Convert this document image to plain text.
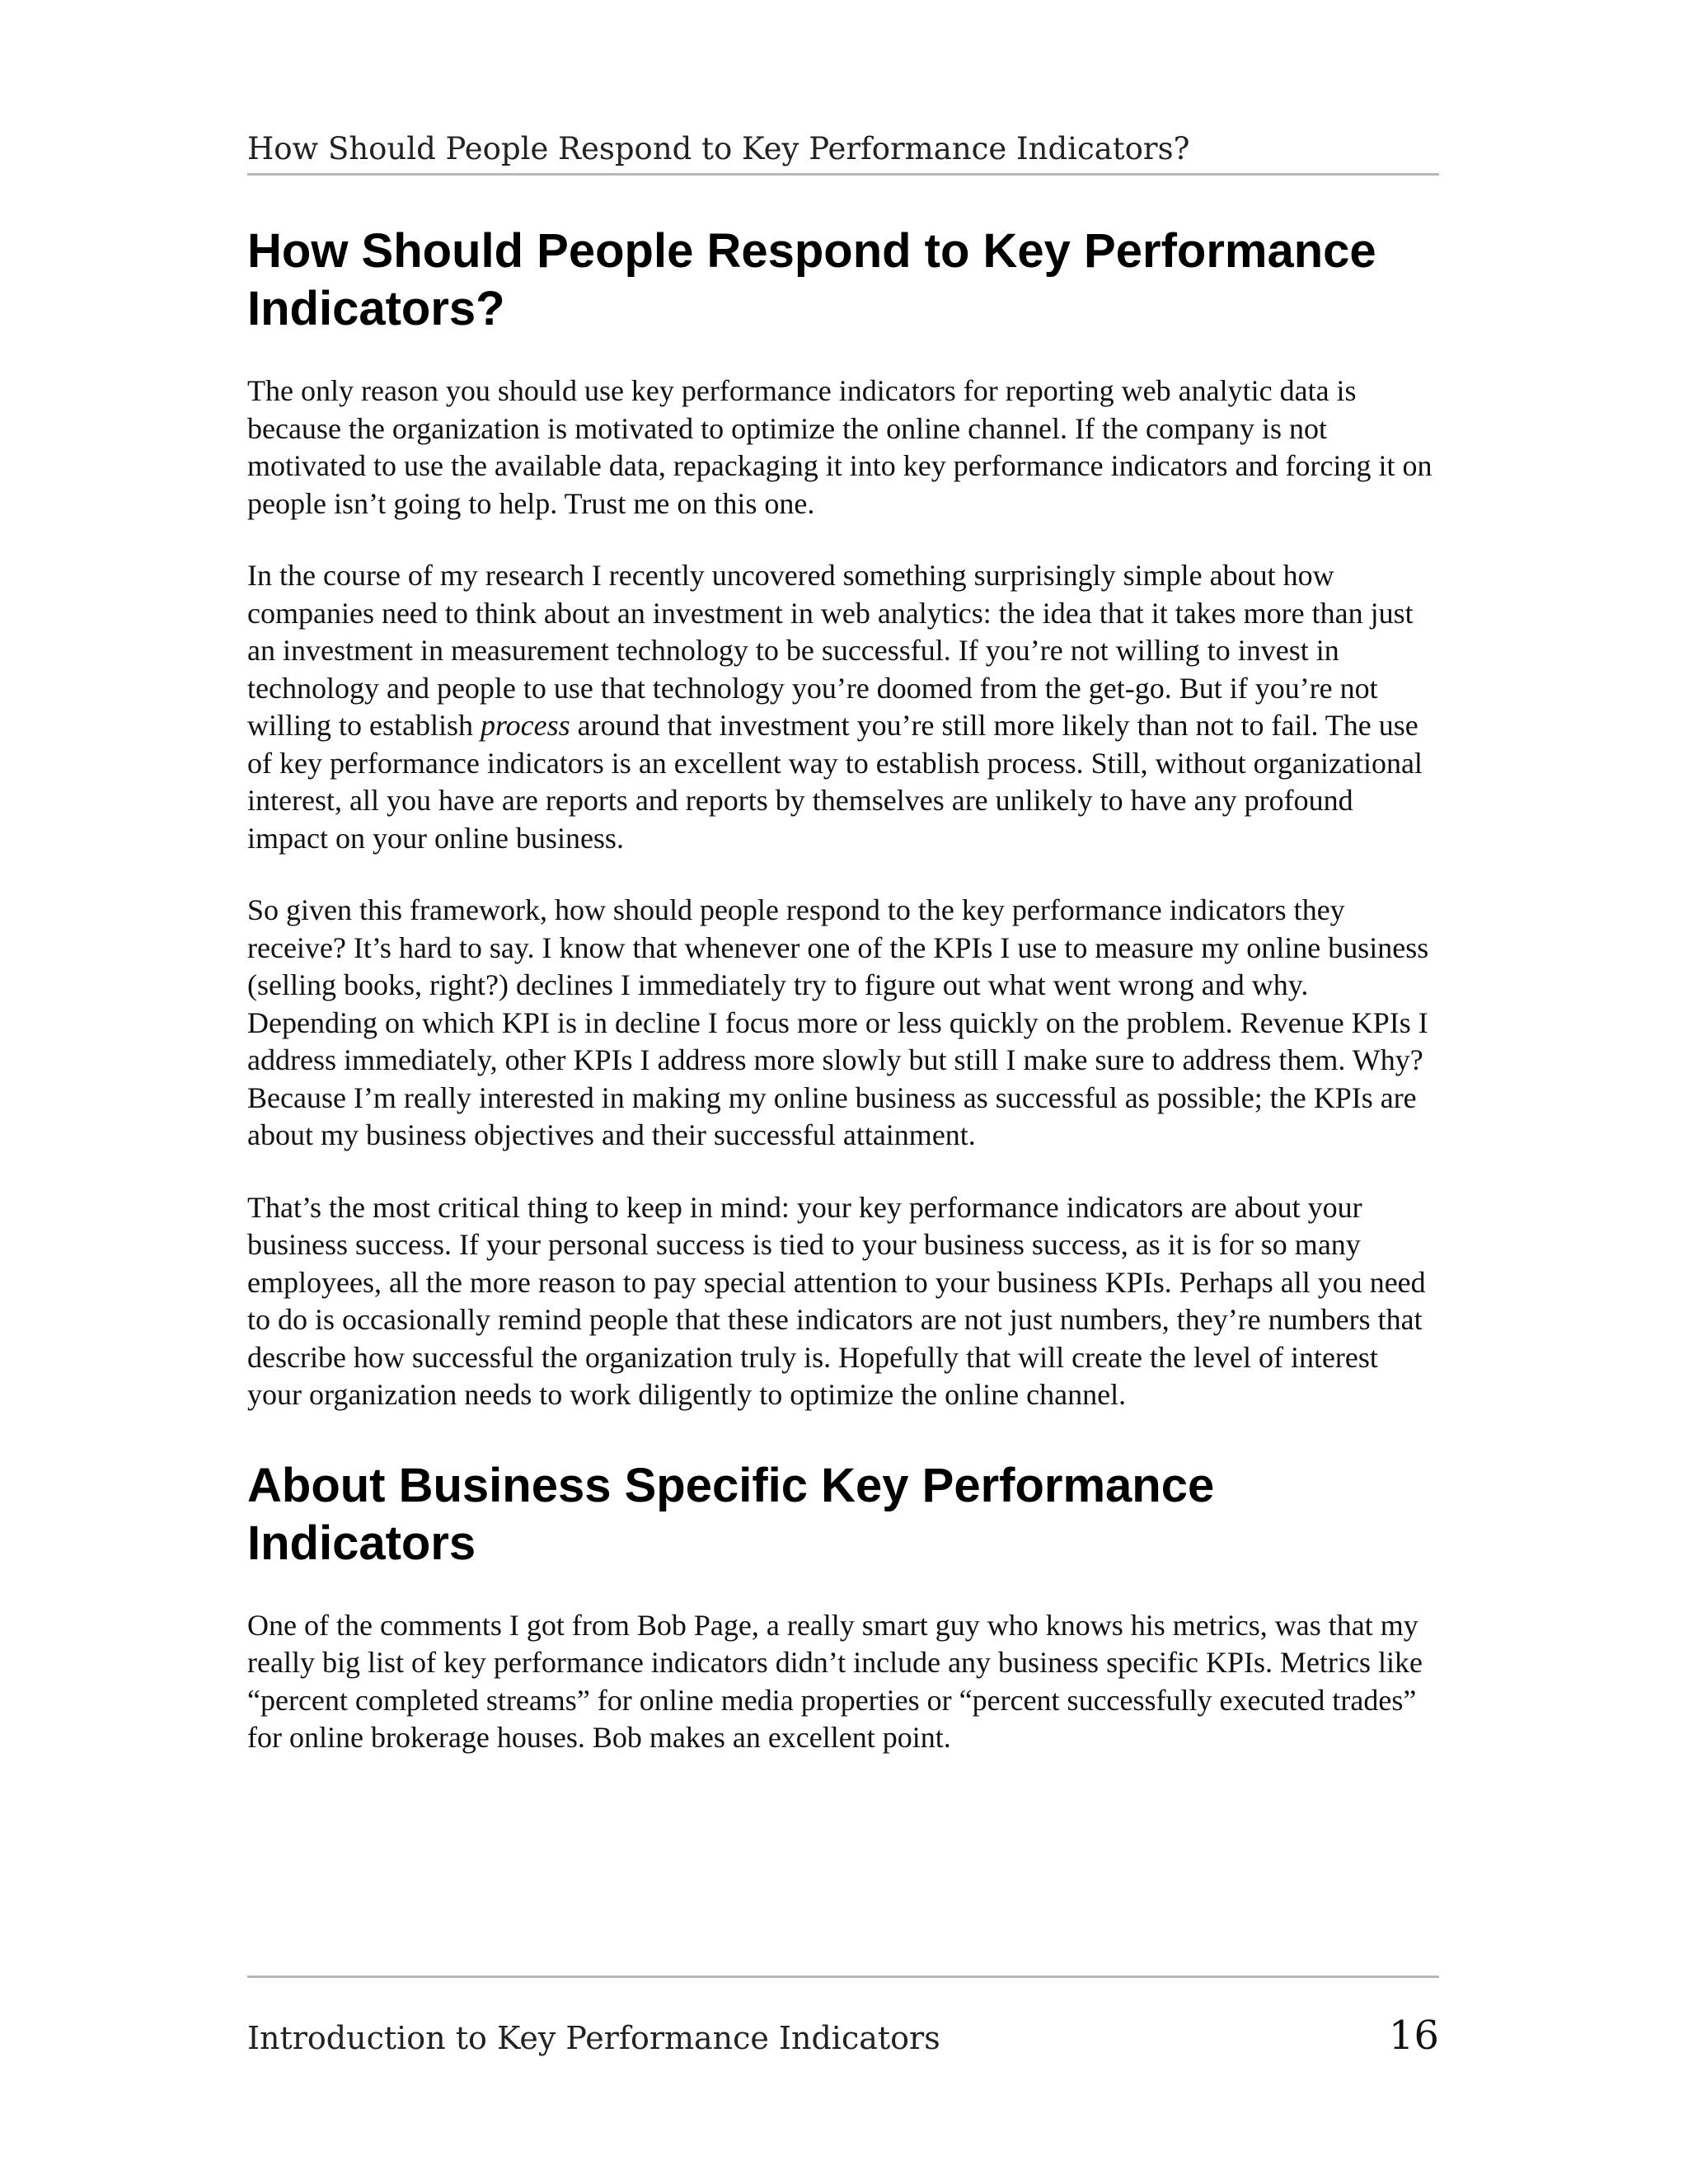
How Should People Respond to Key Performance Indicators?
How Should People Respond to Key Performance Indicators?

The only reason you should use key performance indicators for reporting web analytic data is because the organization is motivated to optimize the online channel. If the company is not motivated to use the available data, repackaging it into key performance indicators and forcing it on people isn’t going to help. Trust me on this one.

In the course of my research I recently uncovered something surprisingly simple about how companies need to think about an investment in web analytics: the idea that it takes more than just an investment in measurement technology to be successful. If you’re not willing to invest in technology and people to use that technology you’re doomed from the get-go. But if you’re not willing to establish process around that investment you’re still more likely than not to fail. The use of key performance indicators is an excellent way to establish process. Still, without organizational interest, all you have are reports and reports by themselves are unlikely to have any profound impact on your online business.

So given this framework, how should people respond to the key performance indicators they receive? It’s hard to say. I know that whenever one of the KPIs I use to measure my online business (selling books, right?) declines I immediately try to figure out what went wrong and why. Depending on which KPI is in decline I focus more or less quickly on the problem. Revenue KPIs I address immediately, other KPIs I address more slowly but still I make sure to address them. Why? Because I’m really interested in making my online business as successful as possible; the KPIs are about my business objectives and their successful attainment.

That’s the most critical thing to keep in mind: your key performance indicators are about your business success. If your personal success is tied to your business success, as it is for so many employees, all the more reason to pay special attention to your business KPIs. Perhaps all you need to do is occasionally remind people that these indicators are not just numbers, they’re numbers that describe how successful the organization truly is. Hopefully that will create the level of interest your organization needs to work diligently to optimize the online channel.

About Business Specific Key Performance Indicators

One of the comments I got from Bob Page, a really smart guy who knows his metrics, was that my really big list of key performance indicators didn’t include any business specific KPIs. Metrics like “percent completed streams” for online media properties or “percent successfully executed trades” for online brokerage houses. Bob makes an excellent point.

Introduction to Key Performance Indicators	16
